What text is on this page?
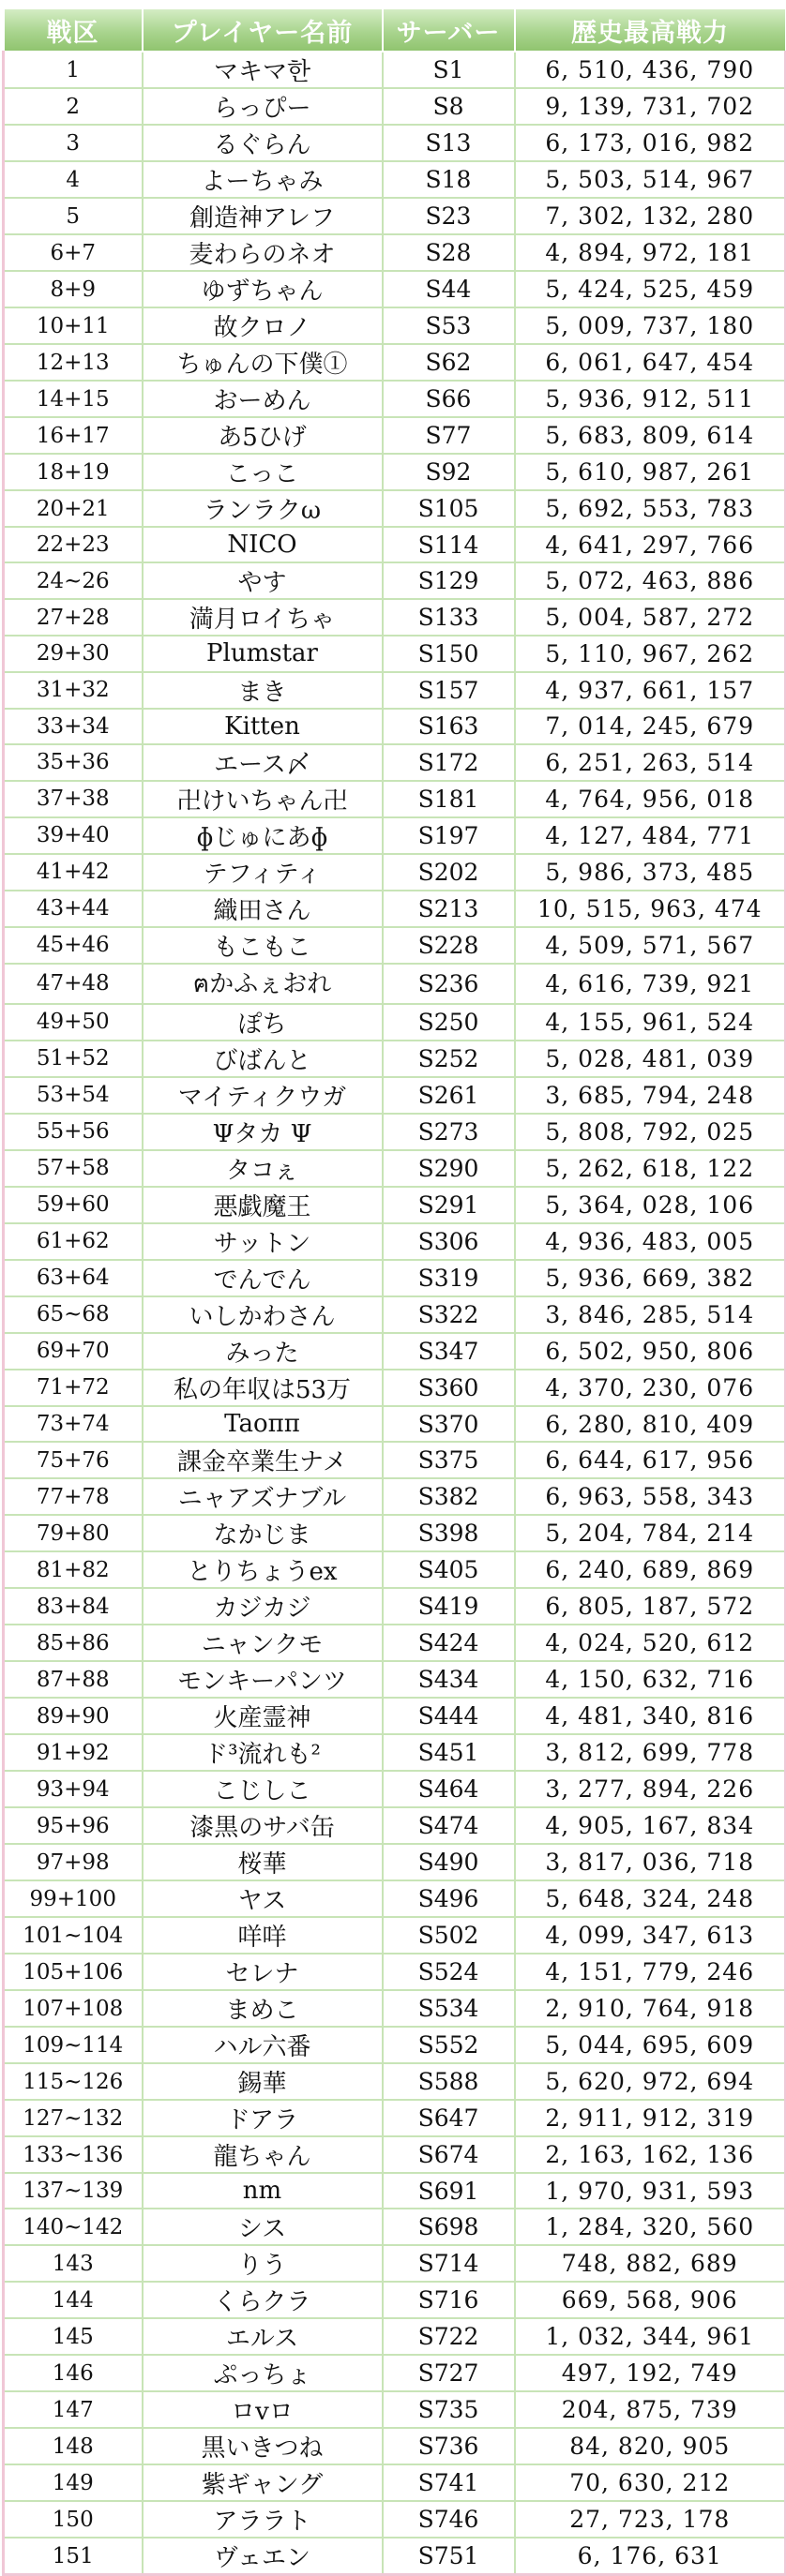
戦区	プレイヤー名前	サーバー	歴史最高戦力
1	マキマ한	S1	6, 510, 436, 790
2	らっぴー	S8	9, 139, 731, 702
3	るぐらん	S13	6, 173, 016, 982
4	よーちゃみ	S18	5, 503, 514, 967
5	創造神アレフ	S23	7, 302, 132, 280
6+7	麦わらのネオ	S28	4, 894, 972, 181
8+9	ゆずちゃん	S44	5, 424, 525, 459
10+11	故クロノ	S53	5, 009, 737, 180
12+13	ちゅんの下僕①	S62	6, 061, 647, 454
14+15	おーめん	S66	5, 936, 912, 511
16+17	あ5ひげ	S77	5, 683, 809, 614
18+19	こっこ	S92	5, 610, 987, 261
20+21	ランラクω	S105	5, 692, 553, 783
22+23	NICO	S114	4, 641, 297, 766
24~26	やす	S129	5, 072, 463, 886
27+28	満月ロイちゃ	S133	5, 004, 587, 272
29+30	Plumstar	S150	5, 110, 967, 262
31+32	まき	S157	4, 937, 661, 157
33+34	Kitten	S163	7, 014, 245, 679
35+36	エース〆	S172	6, 251, 263, 514
37+38	卍けいちゃん卍	S181	4, 764, 956, 018
39+40	ɸじゅにあɸ	S197	4, 127, 484, 771
41+42	テフィティ	S202	5, 986, 373, 485
43+44	織田さん	S213	10, 515, 963, 474
45+46	もこもこ	S228	4, 509, 571, 567
47+48	ฅかふぇおれ	S236	4, 616, 739, 921
49+50	ぽち	S250	4, 155, 961, 524
51+52	びばんと	S252	5, 028, 481, 039
53+54	マイティクウガ	S261	3, 685, 794, 248
55+56	Ψタカ Ψ	S273	5, 808, 792, 025
57+58	タコぇ	S290	5, 262, 618, 122
59+60	悪戯魔王	S291	5, 364, 028, 106
61+62	サットン	S306	4, 936, 483, 005
63+64	でんでん	S319	5, 936, 669, 382
65~68	いしかわさん	S322	3, 846, 285, 514
69+70	みった	S347	6, 502, 950, 806
71+72	私の年収は53万	S360	4, 370, 230, 076
73+74	Taoππ	S370	6, 280, 810, 409
75+76	課金卒業生ナメ	S375	6, 644, 617, 956
77+78	ニャアズナブル	S382	6, 963, 558, 343
79+80	なかじま	S398	5, 204, 784, 214
81+82	とりちょうex	S405	6, 240, 689, 869
83+84	カジカジ	S419	6, 805, 187, 572
85+86	ニャンクモ	S424	4, 024, 520, 612
87+88	モンキーパンツ	S434	4, 150, 632, 716
89+90	火産霊神	S444	4, 481, 340, 816
91+92	ド³流れも²	S451	3, 812, 699, 778
93+94	こじしこ	S464	3, 277, 894, 226
95+96	漆黒のサバ缶	S474	4, 905, 167, 834
97+98	桜華	S490	3, 817, 036, 718
99+100	ヤス	S496	5, 648, 324, 248
101~104	咩咩	S502	4, 099, 347, 613
105+106	セレナ	S524	4, 151, 779, 246
107+108	まめこ	S534	2, 910, 764, 918
109~114	ハル六番	S552	5, 044, 695, 609
115~126	錫華	S588	5, 620, 972, 694
127~132	ドアラ	S647	2, 911, 912, 319
133~136	龍ちゃん	S674	2, 163, 162, 136
137~139	nm	S691	1, 970, 931, 593
140~142	シス	S698	1, 284, 320, 560
143	りう	S714	748, 882, 689
144	くらクラ	S716	669, 568, 906
145	エルス	S722	1, 032, 344, 961
146	ぷっちょ	S727	497, 192, 749
147	ロvロ	S735	204, 875, 739
148	黒いきつね	S736	84, 820, 905
149	紫ギャング	S741	70, 630, 212
150	アララト	S746	27, 723, 178
151	ヴェエン	S751	6, 176, 631
